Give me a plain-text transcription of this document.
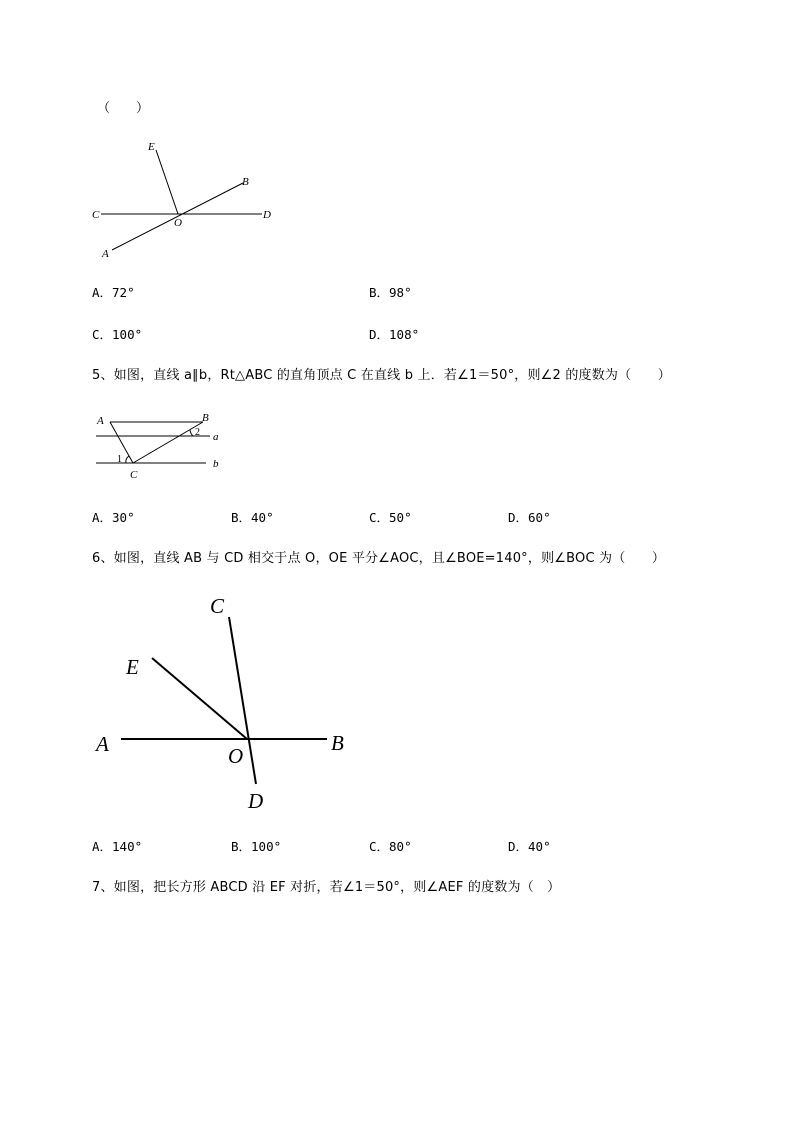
（　　）
E
B
C
O
D
A
A．72°	B．98°
C．100°	D．108°
5、如图，直线 a∥b，Rt△ABC 的直角顶点 C 在直线 b 上．若∠1＝50°，则∠2 的度数为（　　）
A	B
C
a
b
1
2
A．30°	B．40°	C．50°	D．60°
6、如图，直线 AB 与 CD 相交于点 O，OE 平分∠AOC，且∠BOE=140°，则∠BOC 为（　　）
C
E
A	O
B
D
A．140°	B．100°	C．80°	D．40°
7、如图，把长方形 ABCD 沿 EF 对折，若∠1＝50°，则∠AEF 的度数为（　）
